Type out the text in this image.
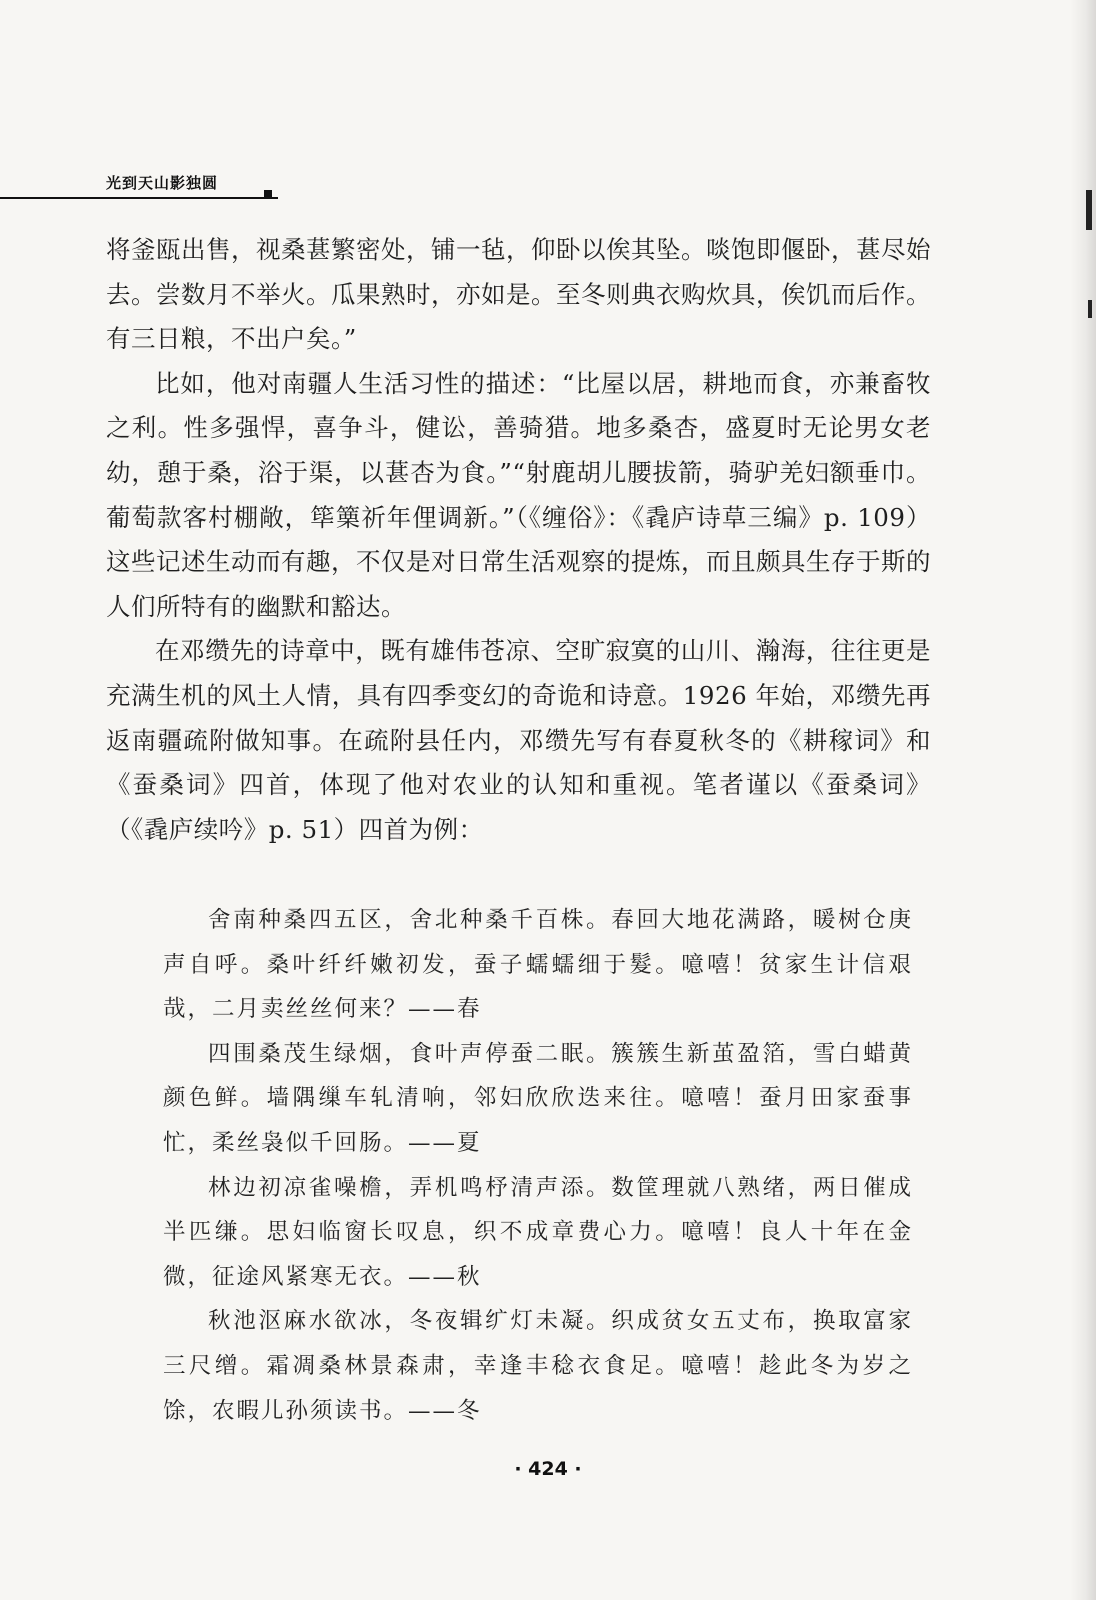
光到天山影独圆

将釜瓯出售，视桑葚繁密处，铺一毡，仰卧以俟其坠。啖饱即偃卧，葚尽始去。尝数月不举火。瓜果熟时，亦如是。至冬则典衣购炊具，俟饥而后作。有三日粮，不出户矣。”

比如，他对南疆人生活习性的描述：“比屋以居，耕地而食，亦兼畜牧之利。性多强悍，喜争斗，健讼，善骑猎。地多桑杏，盛夏时无论男女老幼，憩于桑，浴于渠，以葚杏为食。”“射鹿胡儿腰拔箭，骑驴羌妇额垂巾。葡萄款客村棚敞，筚篥祈年俚调新。”（《缠俗》：《毳庐诗草三编》p. 109）这些记述生动而有趣，不仅是对日常生活观察的提炼，而且颇具生存于斯的人们所特有的幽默和豁达。

在邓缵先的诗章中，既有雄伟苍凉、空旷寂寞的山川、瀚海，往往更是充满生机的风土人情，具有四季变幻的奇诡和诗意。1926 年始，邓缵先再返南疆疏附做知事。在疏附县任内，邓缵先写有春夏秋冬的《耕稼词》和《蚕桑词》四首，体现了他对农业的认知和重视。笔者谨以《蚕桑词》（《毳庐续吟》p. 51）四首为例：

舍南种桑四五区，舍北种桑千百株。春回大地花满路，暖树仓庚声自呼。桑叶纤纤嫩初发，蚕子蠕蠕细于髮。噫嘻！贫家生计信艰哉，二月卖丝丝何来？——春

四围桑茂生绿烟，食叶声停蚕二眠。簇簇生新茧盈箔，雪白蜡黄颜色鲜。墙隅缫车轧清响，邻妇欣欣迭来往。噫嘻！蚕月田家蚕事忙，柔丝袅似千回肠。——夏

林边初凉雀噪檐，弄机鸣杼清声添。数筐理就八熟绪，两日催成半匹缣。思妇临窗长叹息，织不成章费心力。噫嘻！良人十年在金微，征途风紧寒无衣。——秋

秋池沤麻水欲冰，冬夜辑纩灯未凝。织成贫女五丈布，换取富家三尺缯。霜凋桑林景森肃，幸逢丰稔衣食足。噫嘻！趁此冬为岁之馀，农暇儿孙须读书。——冬

· 424 ·
